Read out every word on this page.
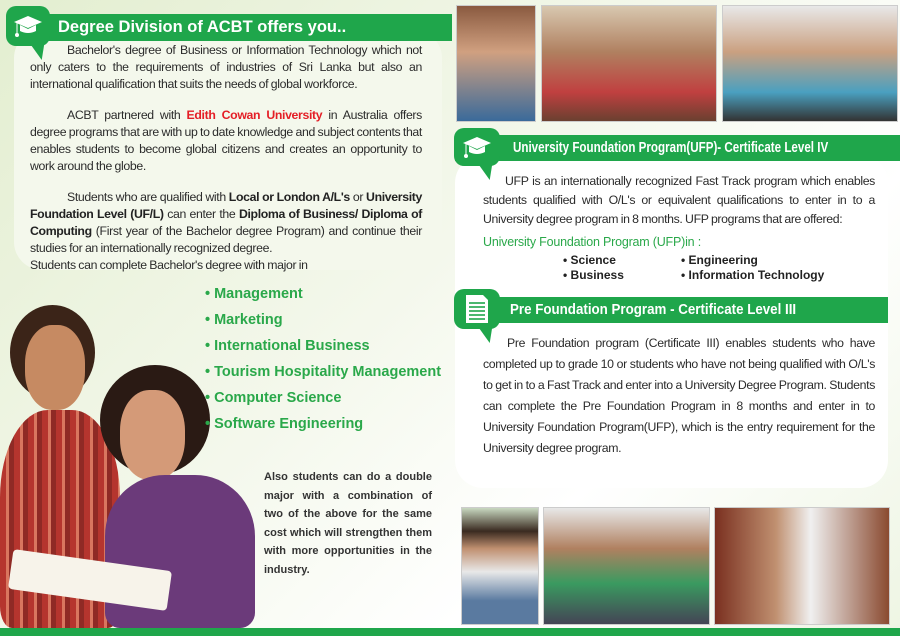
Degree Division of ACBT offers you..

Bachelor's degree of Business or Information Technology which not only caters to the requirements of industries of Sri Lanka but also an international qualification that suits the needs of global workforce.

ACBT partnered with Edith Cowan University in Australia offers degree programs that are with up to date knowledge and subject contents that enables students to become global citizens and creates an opportunity to work around the globe.

Students who are qualified with Local or London A/L's or University Foundation Level (UF/L) can enter the Diploma of Business/ Diploma of Computing (First year of the Bachelor degree Program) and continue their studies for an internationally recognized degree.

Students can complete Bachelor's degree with major in

• Management
• Marketing
• International Business
• Tourism Hospitality Management
• Computer Science
• Software Engineering
Also students can do a double major with a combination of two of the above for the same cost which will strengthen them with more opportunities in the industry.
University Foundation Program(UFP)- Certificate Level IV

UFP is an internationally recognized Fast Track program which enables students qualified with O/L's or equivalent qualifications to enter in to a University degree program in 8 months. UFP programs that are offered:

University Foundation Program (UFP)in :
• Science	• Engineering
• Business	• Information Technology
Pre Foundation Program - Certificate Level III

Pre Foundation program (Certificate III) enables students who have completed up to grade 10 or students who have not being qualified with O/L's to get in to a Fast Track and enter into a University Degree Program. Students can complete the Pre Foundation Program in 8 months and enter in to University Foundation Program(UFP), which is the entry requirement for the University degree program.
